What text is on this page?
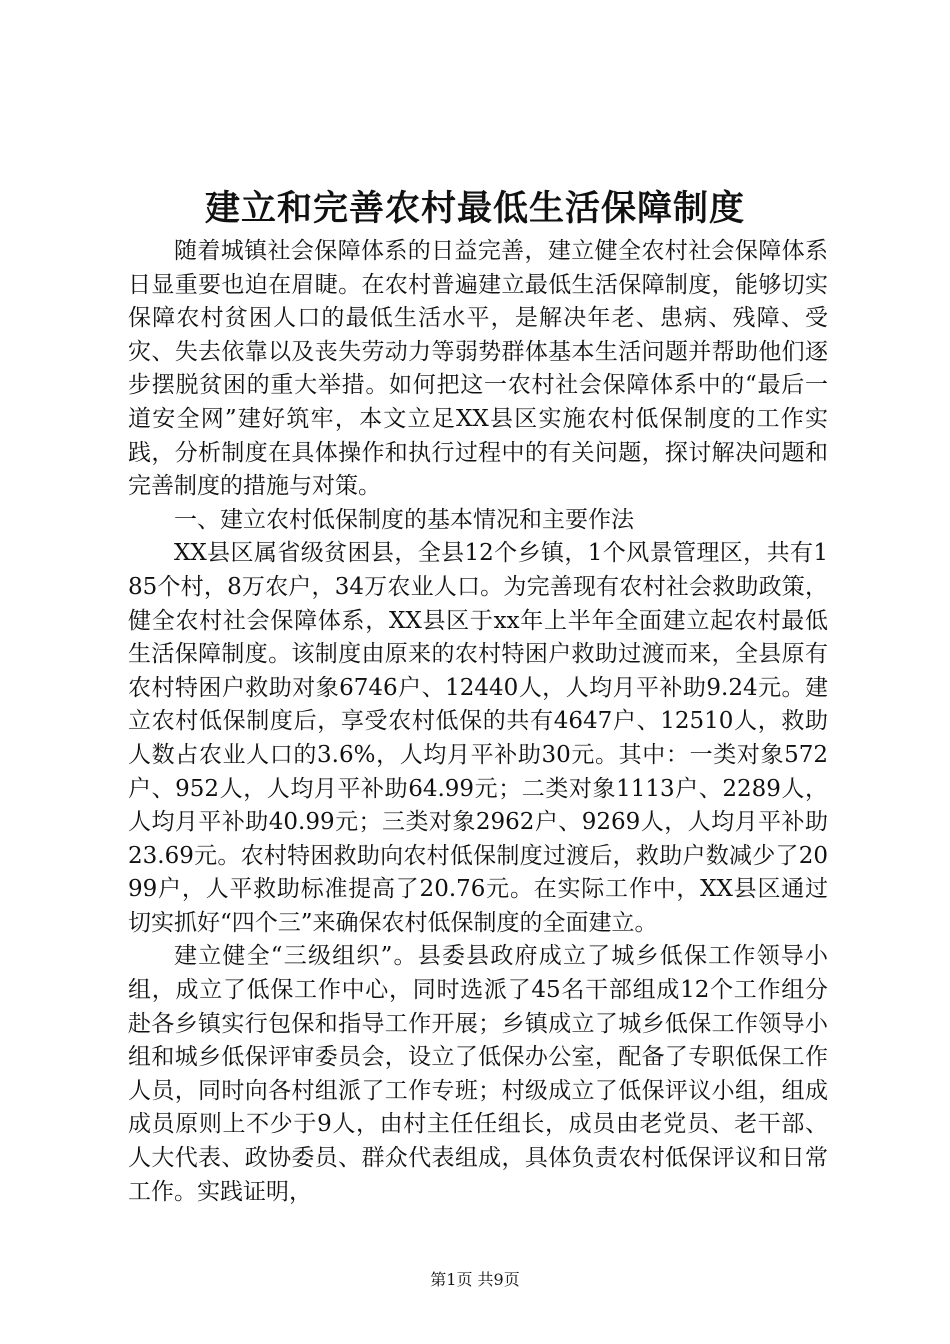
建立和完善农村最低生活保障制度

随着城镇社会保障体系的日益完善，建立健全农村社会保障体系日显重要也迫在眉睫。在农村普遍建立最低生活保障制度，能够切实保障农村贫困人口的最低生活水平，是解决年老、患病、残障、受灾、失去依靠以及丧失劳动力等弱势群体基本生活问题并帮助他们逐步摆脱贫困的重大举措。如何把这一农村社会保障体系中的“最后一道安全网”建好筑牢，本文立足XX县区实施农村低保制度的工作实践，分析制度在具体操作和执行过程中的有关问题，探讨解决问题和完善制度的措施与对策。

一、建立农村低保制度的基本情况和主要作法

XX县区属省级贫困县，全县12个乡镇，1个风景管理区，共有185个村，8万农户，34万农业人口。为完善现有农村社会救助政策，健全农村社会保障体系，XX县区于xx年上半年全面建立起农村最低生活保障制度。该制度由原来的农村特困户救助过渡而来，全县原有农村特困户救助对象6746户、12440人，人均月平补助9.24元。建立农村低保制度后，享受农村低保的共有4647户、12510人，救助人数占农业人口的3.6%，人均月平补助30元。其中：一类对象572户、952人，人均月平补助64.99元；二类对象1113户、2289人，人均月平补助40.99元；三类对象2962户、9269人，人均月平补助23.69元。农村特困救助向农村低保制度过渡后，救助户数减少了2099户，人平救助标准提高了20.76元。在实际工作中，XX县区通过切实抓好“四个三”来确保农村低保制度的全面建立。

建立健全“三级组织”。县委县政府成立了城乡低保工作领导小组，成立了低保工作中心，同时选派了45名干部组成12个工作组分赴各乡镇实行包保和指导工作开展；乡镇成立了城乡低保工作领导小组和城乡低保评审委员会，设立了低保办公室，配备了专职低保工作人员，同时向各村组派了工作专班；村级成立了低保评议小组，组成成员原则上不少于9人，由村主任任组长，成员由老党员、老干部、人大代表、政协委员、群众代表组成，具体负责农村低保评议和日常工作。实践证明，

第1页 共9页
